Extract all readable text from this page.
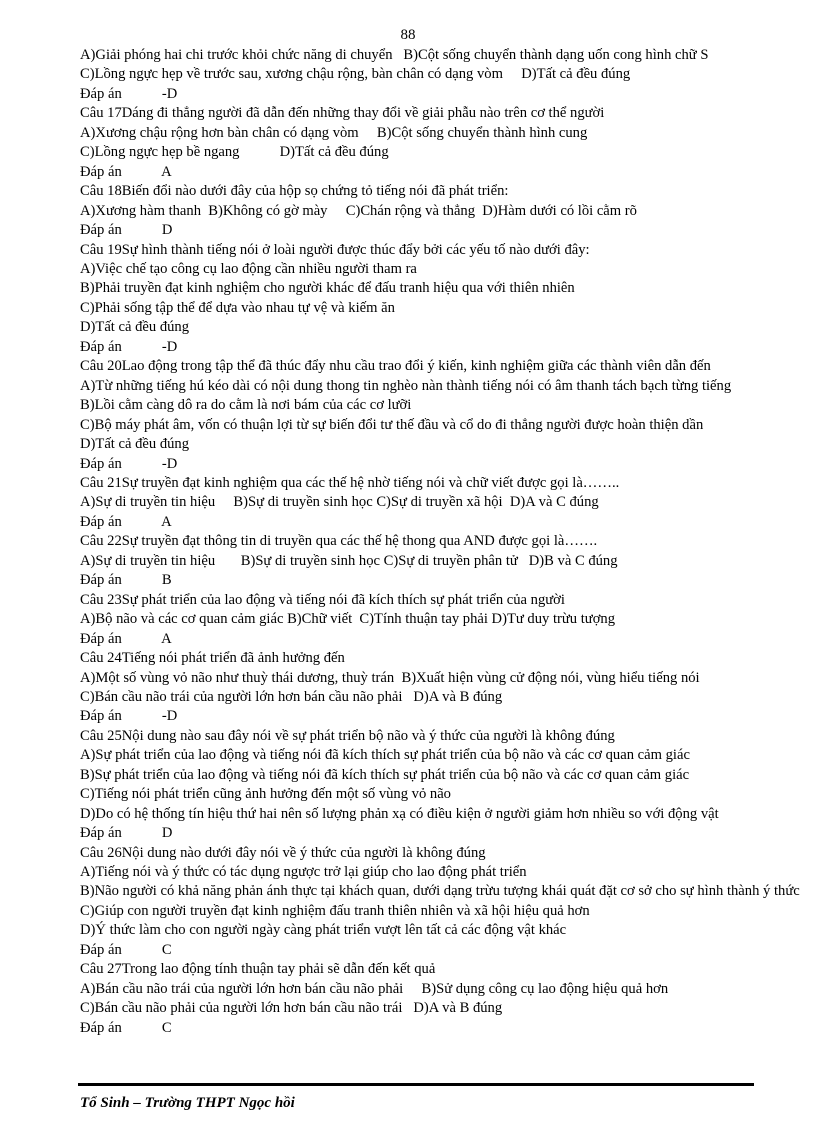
88
A)Giải phóng hai chi trước khỏi chức năng di chuyển   B)Cột sống chuyển thành dạng uốn cong hình chữ S
C)Lồng ngực hẹp về trước sau, xương chậu rộng, bàn chân có dạng vòm     D)Tất cả đều đúng
Đáp án           -D
Câu 17Dáng đi thẳng người đã dẫn đến những thay đổi về giải phẫu nào trên cơ thể người
A)Xương chậu rộng hơn bàn chân có dạng vòm     B)Cột sống chuyển thành hình cung
C)Lồng ngực hẹp bề ngang           D)Tất cả đều đúng
Đáp án           A
Câu 18Biến đổi nào dưới đây của hộp sọ chứng tỏ tiếng nói đã phát triển:
A)Xương hàm thanh  B)Không có gờ mày     C)Chán rộng và thẳng  D)Hàm dưới có lồi cằm rõ
Đáp án           D
Câu 19Sự hình thành tiếng nói ở loài người được thúc đẩy bởi các yếu tố nào dưới đây:
A)Việc chế tạo công cụ lao động cần nhiều người tham ra
B)Phải truyền đạt kinh nghiệm cho người khác để đấu tranh hiệu qua với thiên nhiên
C)Phải sống tập thể để dựa vào nhau tự vệ và kiếm ăn
D)Tất cả đều đúng
Đáp án           -D
Câu 20Lao động trong tập thể đã thúc đẩy nhu cầu trao đổi ý kiến, kinh nghiệm giữa các thành viên dẫn đến
A)Từ những tiếng hú kéo dài có nội dung thong tin nghèo nàn thành tiếng nói có âm thanh tách bạch từng tiếng
B)Lồi cằm càng dô ra do cằm là nơi bám của các cơ lưỡi
C)Bộ máy phát âm, vốn có thuận lợi từ sự biến đổi tư thế đầu và cổ do đi thẳng người được hoàn thiện dần
D)Tất cả đều đúng
Đáp án           -D
Câu 21Sự truyền đạt kinh nghiệm qua các thế hệ nhờ tiếng nói và chữ viết được gọi là……..
A)Sự di truyền tin hiệu     B)Sự di truyền sinh học C)Sự di truyền xã hội  D)A và C đúng
Đáp án           A
Câu 22Sự truyền đạt thông tin di truyền qua các thế hệ thong qua AND được gọi là…….
A)Sự di truyền tin hiệu       B)Sự di truyền sinh học C)Sự di truyền phân tử   D)B và C đúng
Đáp án           B
Câu 23Sự phát triển của lao động và tiếng nói đã kích thích sự phát triển của người
A)Bộ não và các cơ quan cảm giác B)Chữ viết  C)Tính thuận tay phải D)Tư duy trừu tượng
Đáp án           A
Câu 24Tiếng nói phát triển đã ảnh hưởng đến
A)Một số vùng vỏ não như thuỳ thái dương, thuỳ trán  B)Xuất hiện vùng cử động nói, vùng hiểu tiếng nói
C)Bán cầu não trái của người lớn hơn bán cầu não phải   D)A và B đúng
Đáp án           -D
Câu 25Nội dung nào sau đây nói về sự phát triển bộ não và ý thức của người là không đúng
A)Sự phát triển của lao động và tiếng nói đã kích thích sự phát triển của bộ não và các cơ quan cảm giác
B)Sự phát triển của lao động và tiếng nói đã kích thích sự phát triển của bộ não và các cơ quan cảm giác
C)Tiếng nói phát triển cũng ảnh hưởng đến một số vùng vỏ não
D)Do có hệ thống tín hiệu thứ hai nên số lượng phản xạ có điều kiện ở người giảm hơn nhiều so với động vật
Đáp án           D
Câu 26Nội dung nào dưới đây nói về ý thức của người là không đúng
A)Tiếng nói và ý thức có tác dụng ngược trở lại giúp cho lao động phát triển
B)Não người có khả năng phản ánh thực tại khách quan, dưới dạng trừu tượng khái quát đặt cơ sở cho sự hình thành ý thức
C)Giúp con người truyền đạt kinh nghiệm đấu tranh thiên nhiên và xã hội hiệu quả hơn
D)Ý thức làm cho con người ngày càng phát triển vượt lên tất cả các động vật khác
Đáp án           C
Câu 27Trong lao động tính thuận tay phải sẽ dẫn đến kết quả
A)Bán cầu não trái của người lớn hơn bán cầu não phải     B)Sử dụng công cụ lao động hiệu quả hơn
C)Bán cầu não phải của người lớn hơn bán cầu não trái   D)A và B đúng
Đáp án           C
Tổ Sinh – Trường THPT Ngọc hồi
